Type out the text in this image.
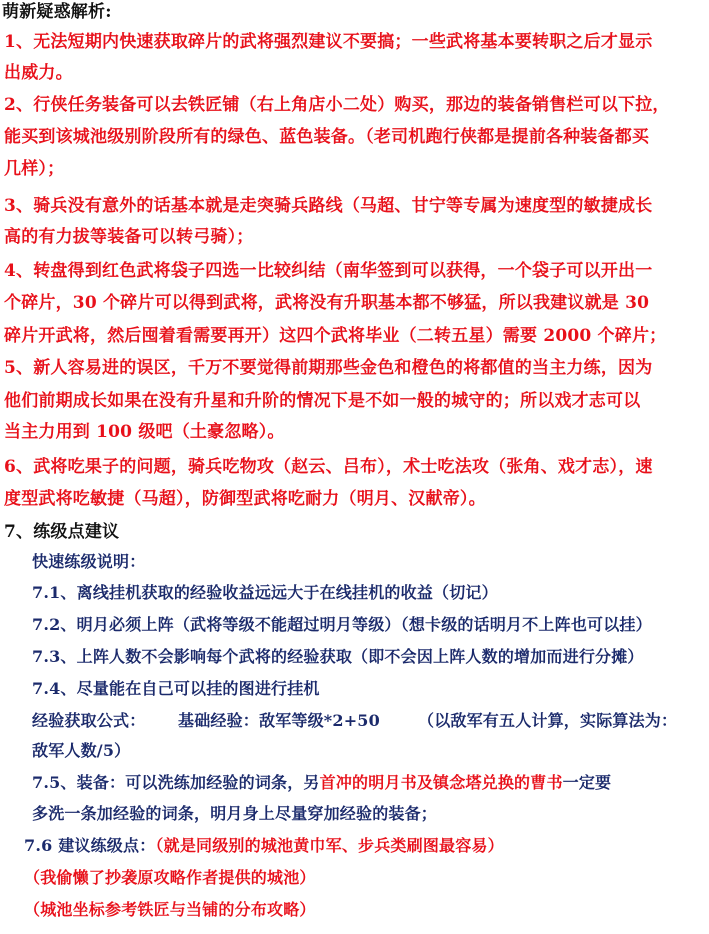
萌新疑惑解析:
1、无法短期内快速获取碎片的武将强烈建议不要搞；一些武将基本要转职之后才显示
出威力。
2、行侠任务装备可以去铁匠铺（右上角店小二处）购买，那边的装备销售栏可以下拉，
能买到该城池级别阶段所有的绿色、蓝色装备。（老司机跑行侠都是提前各种装备都买
几样）；
3、骑兵没有意外的话基本就是走突骑兵路线（马超、甘宁等专属为速度型的敏捷成长
高的有力拔等装备可以转弓骑）；
4、转盘得到红色武将袋子四选一比较纠结（南华签到可以获得，一个袋子可以开出一
个碎片，30 个碎片可以得到武将，武将没有升职基本都不够猛，所以我建议就是 30
碎片开武将，然后囤着看需要再开）这四个武将毕业（二转五星）需要 2000 个碎片；
5、新人容易进的误区，千万不要觉得前期那些金色和橙色的将都值的当主力练，因为
他们前期成长如果在没有升星和升阶的情况下是不如一般的城守的；所以戏才志可以
当主力用到 100 级吧（土豪忽略）。
6、武将吃果子的问题，骑兵吃物攻（赵云、吕布），术士吃法攻（张角、戏才志），速
度型武将吃敏捷（马超），防御型武将吃耐力（明月、汉献帝）。
7、练级点建议
快速练级说明：
7.1、离线挂机获取的经验收益远远大于在线挂机的收益（切记）
7.2、明月必须上阵（武将等级不能超过明月等级）（想卡级的话明月不上阵也可以挂）
7.3、上阵人数不会影响每个武将的经验获取（即不会因上阵人数的增加而进行分摊）
7.4、尽量能在自己可以挂的图进行挂机
经验获取公式： 基础经验：敌军等级*2+50 （以敌军有五人计算，实际算法为：
敌军人数/5）
7.5、装备：可以洗练加经验的词条，另首冲的明月书及镇念塔兑换的曹书一定要
多洗一条加经验的词条，明月身上尽量穿加经验的装备；
7.6 建议练级点：（就是同级别的城池黄巾军、步兵类刷图最容易）
（我偷懒了抄袭原攻略作者提供的城池）
（城池坐标参考铁匠与当铺的分布攻略）
